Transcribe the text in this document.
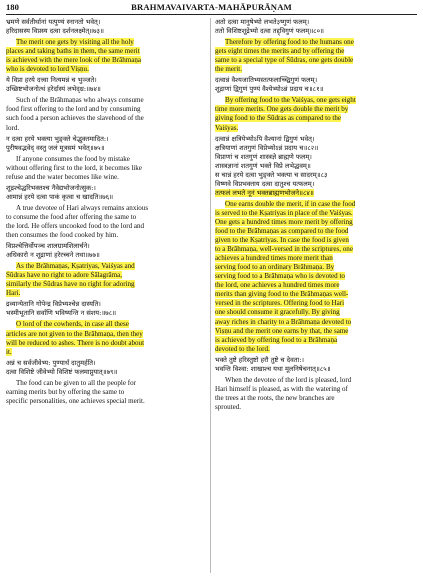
180	BRAHMAVAIVARTA-MAHĀPURĀṆAM
भ्रमणे सर्वतीर्थानां यत्पुण्यं स्नानतो भवेत्।
हरिदासस्य विप्रस्य दत्वा दर्शनलक्ष्मेत्॥७३॥
The merit one gets by visiting all the holy
places and taking baths in them, the same merit
is achieved with the mere look of the Brāhmaṇa
who is devoted to lord Viṣṇu.
ये विप्रा हरये दत्त्वा नित्यमन्नं च भुञ्जते।
उच्छिष्टभोजनोत्थं हरेर्दास्यं लभेद्ध्र:॥७४॥
Such of the Brāhmaṇas who always consume
food first offering to the lord and by consuming
such food a person achieves the slavehood of the
lord.
न दत्वा हरये भक्त्या भुङ्क्ते चेद्भुक्तमादित:।
पुरीषवद्भवेद् वस्तु जलं मूत्रसमं भवेत्॥७५॥
If anyone consumes the food by mistake
without offering first to the lord, it becomes like
refuse and the water becomes like wine.
शूद्रश्चेद्धरिभक्तश्च नैवेद्यभोजनोत्सुक:।
आमान्नं हरये दत्वा पाकं कृत्वा च खादति॥७६॥
A true devotee of Hari always remains anxious
to consume the food after offering the same to
the lord. He offers uncooked food to the lord and
then consumes the food cooked by him.
विप्रश्चेत्तिर्वोपञ्च शालग्रामशिलार्चने।
अधिकारो न शूद्राणां हरेरच्चने तथा॥७७॥
As the Brāhmaṇas, Kṣatriyas, Vaiśyas and
Śūdras have no right to adore Śālagrāma,
similarly the Śūdras have no right for adoring
Hari.
द्रव्यान्येतानि गोपेन्द्र विप्रेभ्यश्चेन्न दास्यति।
भस्मीभूतानि सर्वाणि भविष्यन्ति न संशय:॥७८॥
O lord of the cowherds, in case all these
articles are not given to the Brāhmaṇa, then they
will be reduced to ashes. There is no doubt about
it.
अन्नं च सर्वजीवेभ्य: पुण्यार्थं दातुमर्हति।
दत्वा विशिष्टे जीवेभ्यो विशिष्टं फलमाप्नुयात्॥७९॥
The food can be given to all the people for
earning merits but by offering the same to
specific personalities, one achieves special merit.
अतो दत्वा मानुषेभ्यो लभते३ष्गुणं फलम्।
ततो विशिष्टशूद्रेभ्यो दत्वा तद्द्विगुणं फलम्॥८०॥
Therefore by offering food to the humans one
gets eight times the merits and by offering the
same to a special type of Śūdras, one gets double
the merit.
दत्वान्नं वैश्यजातिभ्यस्तत्फलाच्च्द्विगुणं फलम्।
शूद्राणां द्विगुणं पुण्यं वैश्येभ्योऽन्नं प्रदाय च॥८१॥
By offering food to the Vaiśyas, one gets eight
time more merits. One gets double the merit by
giving food to the Śūdras as compared to the
Vaiśyas.
दत्वान्नं क्षत्रियेभ्योऽपि वैश्यानां द्विगुणं भवेत्।
क्षत्रियाणां शतगुणं विप्रेभ्योऽन्नं प्रदाय च॥८२॥
विप्राणां च शतगुणं शास्त्रज्ञे ब्राह्मणे फलम्।
शास्त्रज्ञानां शतगुणं भक्ते विप्रे लभेद्धवम्॥
स चान्नं हरये दत्वा भुङ्क्ते भक्त्या च सादरम्॥८३
विष्णवे विप्रभक्ताय दत्वा दातुश्च यत्फलम्।
तत्फलं लभते नूनं भक्तब्राह्मणभोजने॥८४॥
One earns double the merit, if in case the food
is served to the Kṣatriyas in place of the Vaiśyas.
One gets a hundred times more merit by offering
food to the Brāhmaṇas as compared to the food
given to the Kṣatriyas. In case the food is given
to a Brāhmaṇa, well-versed in the scriptures, one
achieves a hundred times more merit than
serving food to an ordinary Brāhmaṇa. By
serving food to a Brāhmaṇa who is devoted to
the lord, one achieves a hundred times more
merits than giving food to the Brāhmaṇas well-
versed in the scriptures. Offering food to Hari
one should consume it gracefully. By giving
away riches in charity to a Brāhmaṇa devoted to
Viṣṇu and the merit one earns by that, the same
is achieved by offering food to a Brāhmaṇa
devoted to the lord.
भक्ते तुष्टे हरिस्तुष्टो हरौ तुष्टे च देवता:।
भवन्ति विश्वा: शाखाश्च यथा मूलनिषेचनात्॥८५॥
When the devotee of the lord is pleased, lord
Hari himself is pleased, as with the watering of
the trees at the roots, the new branches are
sprouted.
